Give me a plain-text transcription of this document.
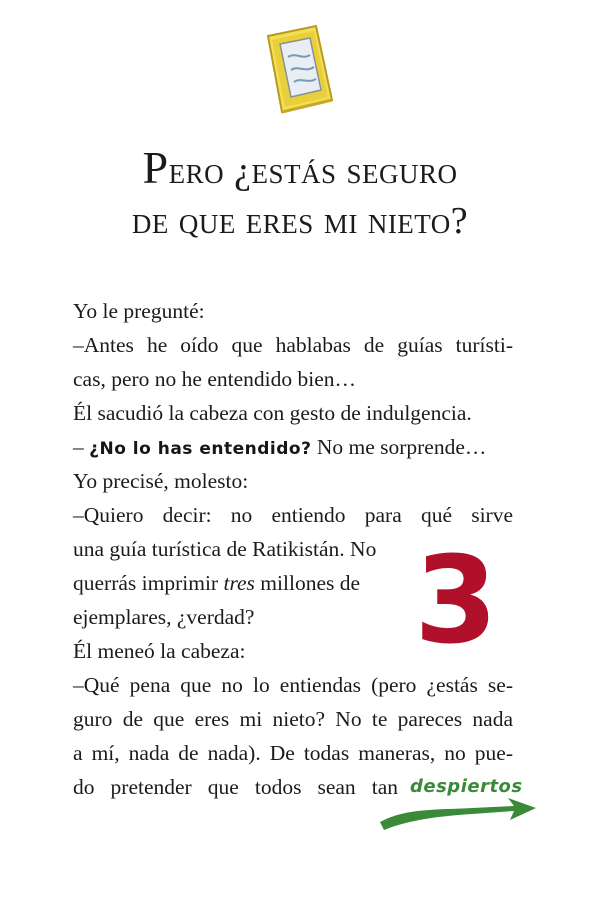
Pero ¿estás seguro
de que eres mi nieto?
Yo le pregunté:
–Antes he oído que hablabas de guías turísti-
cas, pero no he entendido bien…
Él sacudió la cabeza con gesto de indulgencia.
– ¿No lo has entendido? No me sorprende…
Yo precisé, molesto:
–Quiero decir: no entiendo para qué sirve
una guía turística de Ratikistán. No
querrás imprimir tres millones de
ejemplares, ¿verdad?
Él meneó la cabeza:
–Qué pena que no lo entiendas (pero ¿estás se-
guro de que eres mi nieto? No te pareces nada
a mí, nada de nada). De todas maneras, no pue-
do pretender que todos sean tan
3
despiertos
